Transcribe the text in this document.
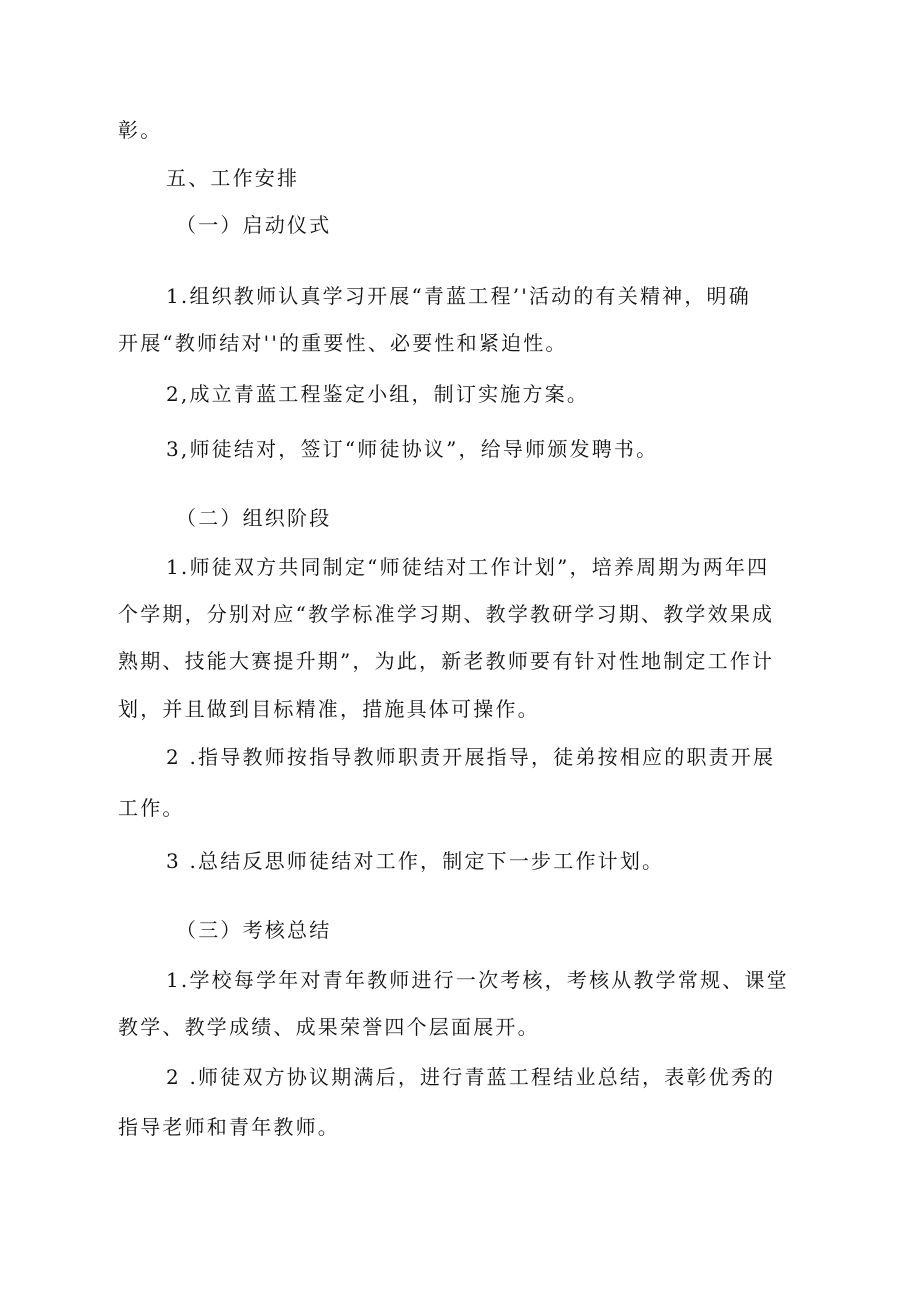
彰。
五、工作安排
（一）启动仪式
1.组织教师认真学习开展“青蓝工程’'活动的有关精神，明确
开展“教师结对''的重要性、必要性和紧迫性。
2,成立青蓝工程鉴定小组，制订实施方案。
3,师徒结对，签订“师徒协议”，给导师颁发聘书。
（二）组织阶段
1.师徒双方共同制定“师徒结对工作计划”，培养周期为两年四
个学期，分别对应“教学标准学习期、教学教研学习期、教学效果成
熟期、技能大赛提升期”，为此，新老教师要有针对性地制定工作计
划，并且做到目标精准，措施具体可操作。
2 .指导教师按指导教师职责开展指导，徒弟按相应的职责开展
工作。
3 .总结反思师徒结对工作，制定下一步工作计划。
（三）考核总结
1.学校每学年对青年教师进行一次考核，考核从教学常规、课堂
教学、教学成绩、成果荣誉四个层面展开。
2 .师徒双方协议期满后，进行青蓝工程结业总结，表彰优秀的
指导老师和青年教师。
